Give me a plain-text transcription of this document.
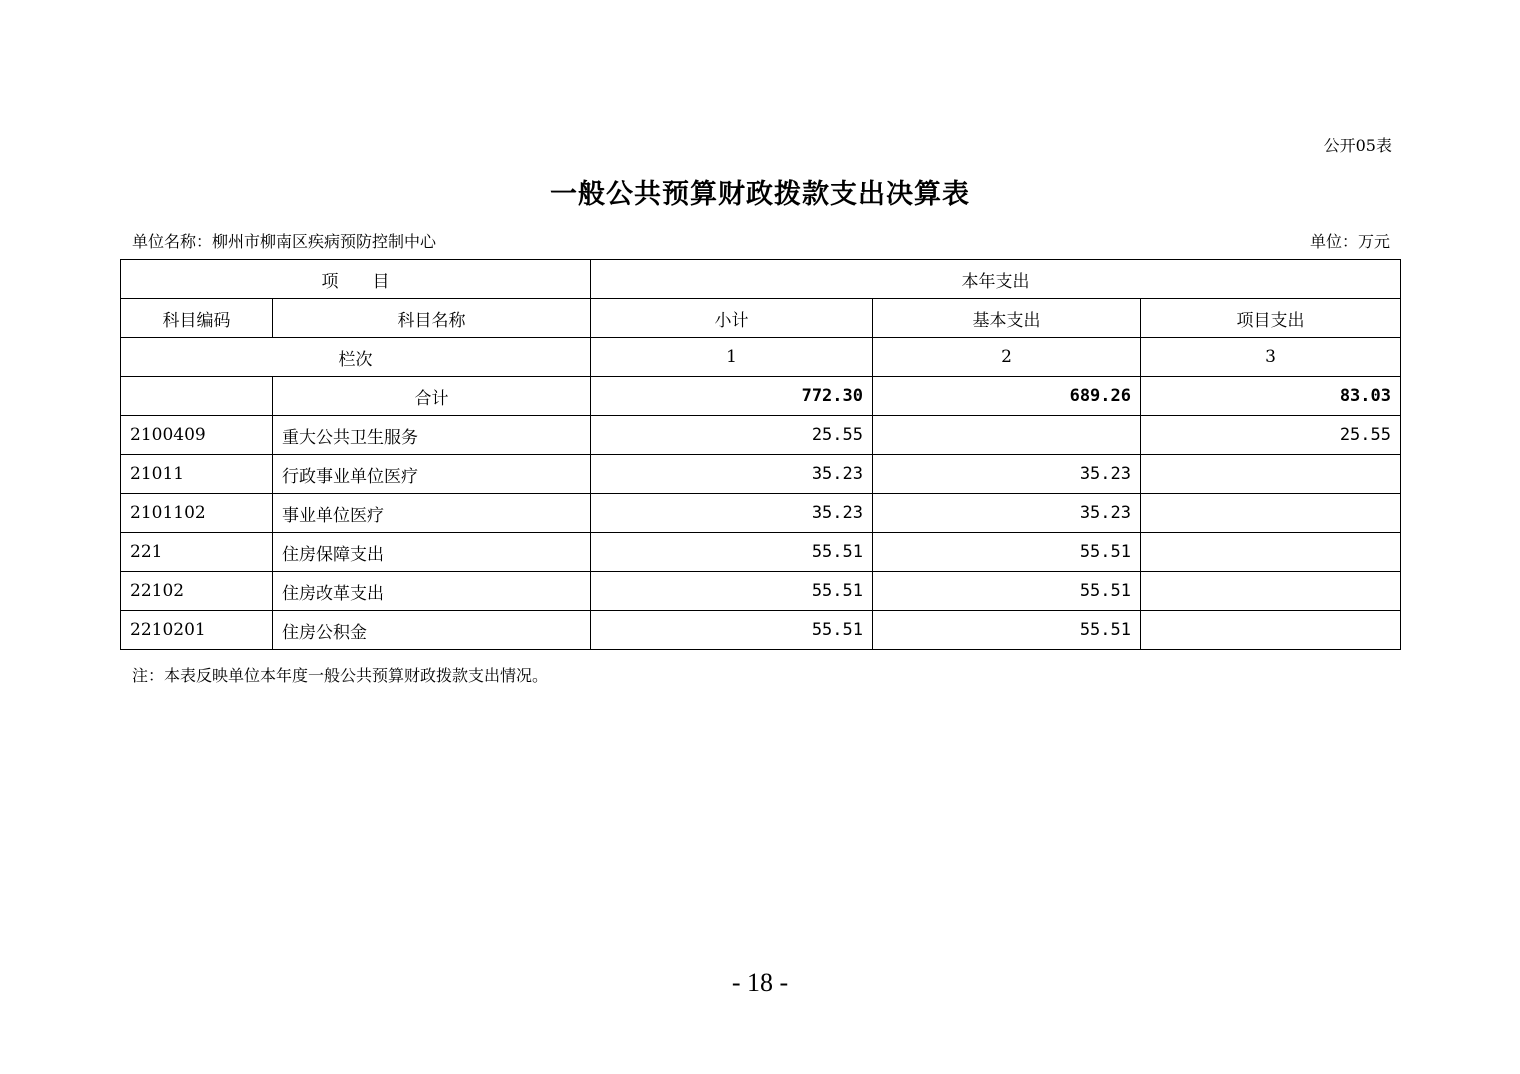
公开05表
一般公共预算财政拨款支出决算表
单位名称：柳州市柳南区疾病预防控制中心	单位：万元
项　　目		本年支出		
科目编码	科目名称	小计	基本支出	项目支出
栏次		1	2	3
	合计	772.30	689.26	83.03
2100409	重大公共卫生服务	25.55		25.55
21011	行政事业单位医疗	35.23	35.23	
2101102	事业单位医疗	35.23	35.23	
221	住房保障支出	55.51	55.51	
22102	住房改革支出	55.51	55.51	
2210201	住房公积金	55.51	55.51	
注：本表反映单位本年度一般公共预算财政拨款支出情况。
- 18 -
